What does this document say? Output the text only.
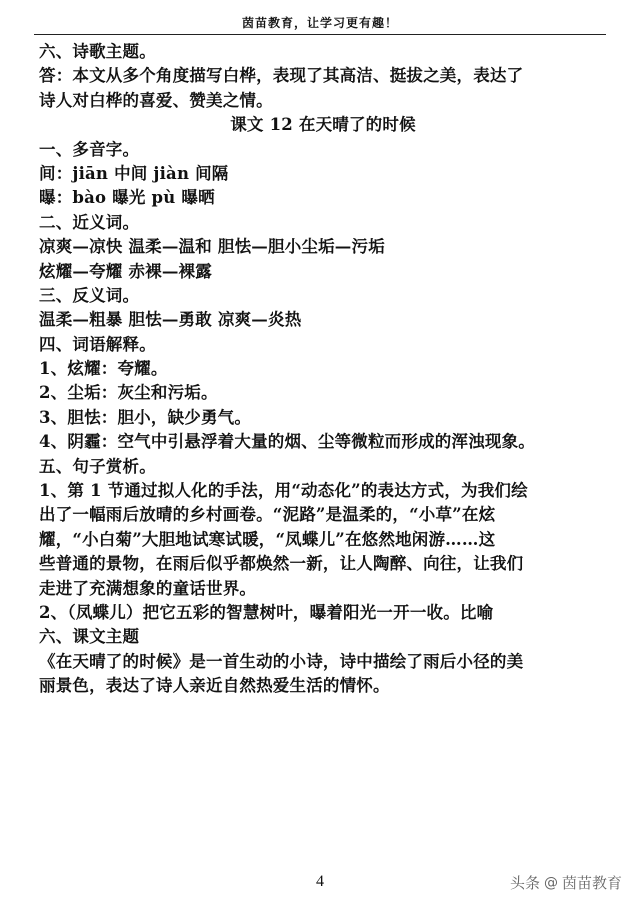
茵苗教育，让学习更有趣！
六、诗歌主题。
答：本文从多个角度描写白桦，表现了其高洁、挺拔之美，表达了
诗人对白桦的喜爱、赞美之情。
课文 12 在天晴了的时候
一、多音字。
间：jiān 中间 jiàn 间隔
曝：bào 曝光 pù 曝晒
二、近义词。
凉爽—凉快 温柔—温和 胆怯—胆小尘垢—污垢
炫耀—夸耀 赤裸—裸露
三、反义词。
温柔—粗暴 胆怯—勇敢 凉爽—炎热
四、词语解释。
1、炫耀：夸耀。
2、尘垢：灰尘和污垢。
3、胆怯：胆小，缺少勇气。
4、阴霾：空气中引悬浮着大量的烟、尘等微粒而形成的浑浊现象。
五、句子赏析。
1、第 1 节通过拟人化的手法，用“动态化”的表达方式，为我们绘
出了一幅雨后放晴的乡村画卷。“泥路”是温柔的，“小草”在炫
耀，“小白菊”大胆地试寒试暖，“凤蝶儿”在悠然地闲游……这
些普通的景物，在雨后似乎都焕然一新，让人陶醉、向往，让我们
走进了充满想象的童话世界。
2、（凤蝶儿）把它五彩的智慧树叶，曝着阳光一开一收。比喻
六、课文主题
《在天晴了的时候》是一首生动的小诗，诗中描绘了雨后小径的美
丽景色，表达了诗人亲近自然热爱生活的情怀。
4	头条 @ 茵苗教育
